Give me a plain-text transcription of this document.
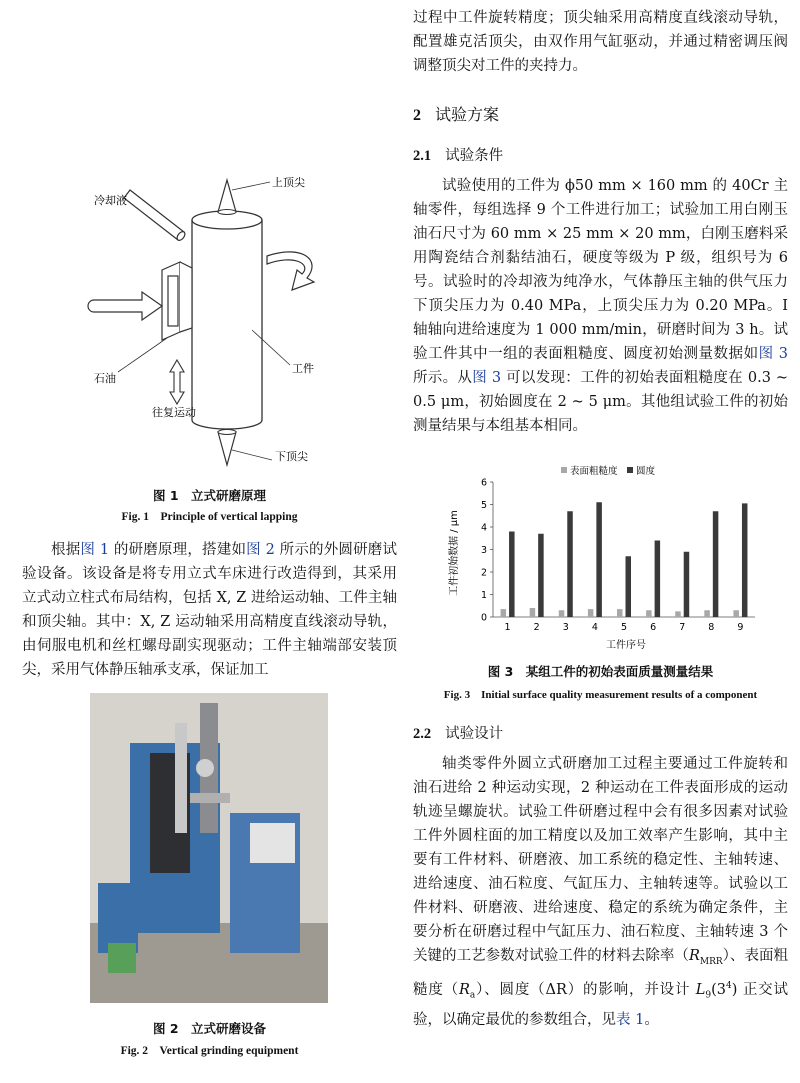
上顶尖
冷却液
工件
石油
往复运动
下顶尖
图 1　立式研磨原理
Fig. 1　Principle of vertical lapping

根据图 1 的研磨原理，搭建如图 2 所示的外圆研磨试验设备。该设备是将专用立式车床进行改造得到，其采用立式动立柱式布局结构，包括 X, Z 进给运动轴、工件主轴和顶尖轴。其中：X, Z 运动轴采用高精度直线滚动导轨，由伺服电机和丝杠螺母副实现驱动；工件主轴端部安装顶尖，采用气体静压轴承支承，保证加工

图 2　立式研磨设备
Fig. 2　Vertical grinding equipment

过程中工件旋转精度；顶尖轴采用高精度直线滚动导轨，配置雄克活顶尖，由双作用气缸驱动，并通过精密调压阀调整顶尖对工件的夹持力。

2 试验方案
2.1 试验条件

试验使用的工件为 ϕ50 mm × 160 mm 的 40Cr 主轴零件，每组选择 9 个工件进行加工；试验加工用白刚玉油石尺寸为 60 mm × 25 mm × 20 mm，白刚玉磨料采用陶瓷结合剂黏结油石，硬度等级为 P 级，组织号为 6 号。试验时的冷却液为纯净水，气体静压主轴的供气压力下顶尖压力为 0.40 MPa，上顶尖压力为 0.20 MPa。I 轴轴向进给速度为 1 000 mm/min，研磨时间为 3 h。试验工件其中一组的表面粗糙度、圆度初始测量数据如图 3 所示。从图 3 可以发现：工件的初始表面粗糙度在 0.3 ~ 0.5 μm，初始圆度在 2 ~ 5 μm。其他组试验工件的初始测量结果与本组基本相同。

表面粗糙度 圆度
工件初始数据 / μm
工件序号
0
1
2
3
4
5
6
1 2 3 4 5 6 7 8 9
图 3　某组工件的初始表面质量测量结果
Fig. 3　Initial surface quality measurement results of a component
2.2 试验设计

轴类零件外圆立式研磨加工过程主要通过工件旋转和油石进给 2 种运动实现，2 种运动在工件表面形成的运动轨迹呈螺旋状。试验工件研磨过程中会有很多因素对试验工件外圆柱面的加工精度以及加工效率产生影响，其中主要有工件材料、研磨液、加工系统的稳定性、主轴转速、进给速度、油石粒度、气缸压力、主轴转速等。试验以工件材料、研磨液、进给速度、稳定的系统为确定条件，主要分析在研磨过程中气缸压力、油石粒度、主轴转速 3 个关键的工艺参数对试验工件的材料去除率$(R_{MRR})$、表面粗糙度$(R_a)$、圆度（ΔR）的影响，并设计 $L_9(3^4)$ 正交试验，以确定最优的参数组合，见表 1。
